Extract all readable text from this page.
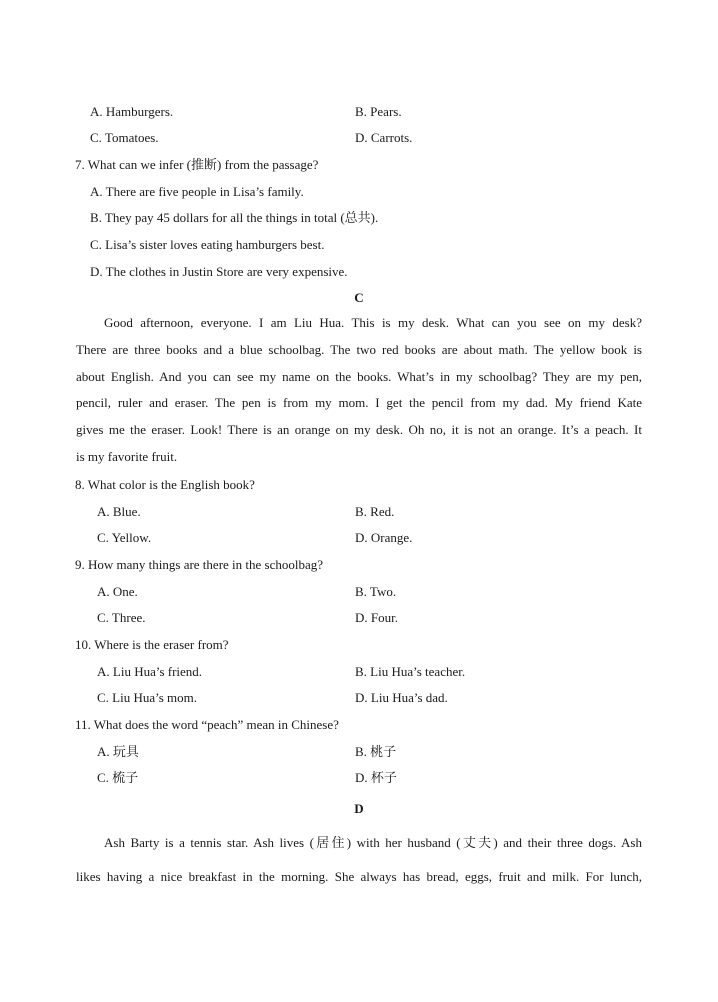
A. Hamburgers.	B. Pears.
C. Tomatoes.	D. Carrots.
7. What can we infer (推断) from the passage?
A. There are five people in Lisa’s family.
B. They pay 45 dollars for all the things in total (总共).
C. Lisa’s sister loves eating hamburgers best.
D. The clothes in Justin Store are very expensive.
C
Good afternoon, everyone. I am Liu Hua. This is my desk. What can you see on my desk?
There are three books and a blue schoolbag. The two red books are about math. The yellow book is
about English. And you can see my name on the books. What’s in my schoolbag? They are my pen,
pencil, ruler and eraser. The pen is from my mom. I get the pencil from my dad. My friend Kate
gives me the eraser. Look! There is an orange on my desk. Oh no, it is not an orange. It’s a peach. It
is my favorite fruit.
8. What color is the English book?
A. Blue.	B. Red.
C. Yellow.	D. Orange.
9. How many things are there in the schoolbag?
A. One.	B. Two.
C. Three.	D. Four.
10. Where is the eraser from?
A. Liu Hua’s friend.	B. Liu Hua’s teacher.
C. Liu Hua’s mom.	D. Liu Hua’s dad.
11. What does the word “peach” mean in Chinese?
A. 玩具	B. 桃子
C. 梳子	D. 杯子
D
Ash Barty is a tennis star. Ash lives (居住) with her husband (丈夫) and their three dogs. Ash
likes having a nice breakfast in the morning. She always has bread, eggs, fruit and milk. For lunch,
